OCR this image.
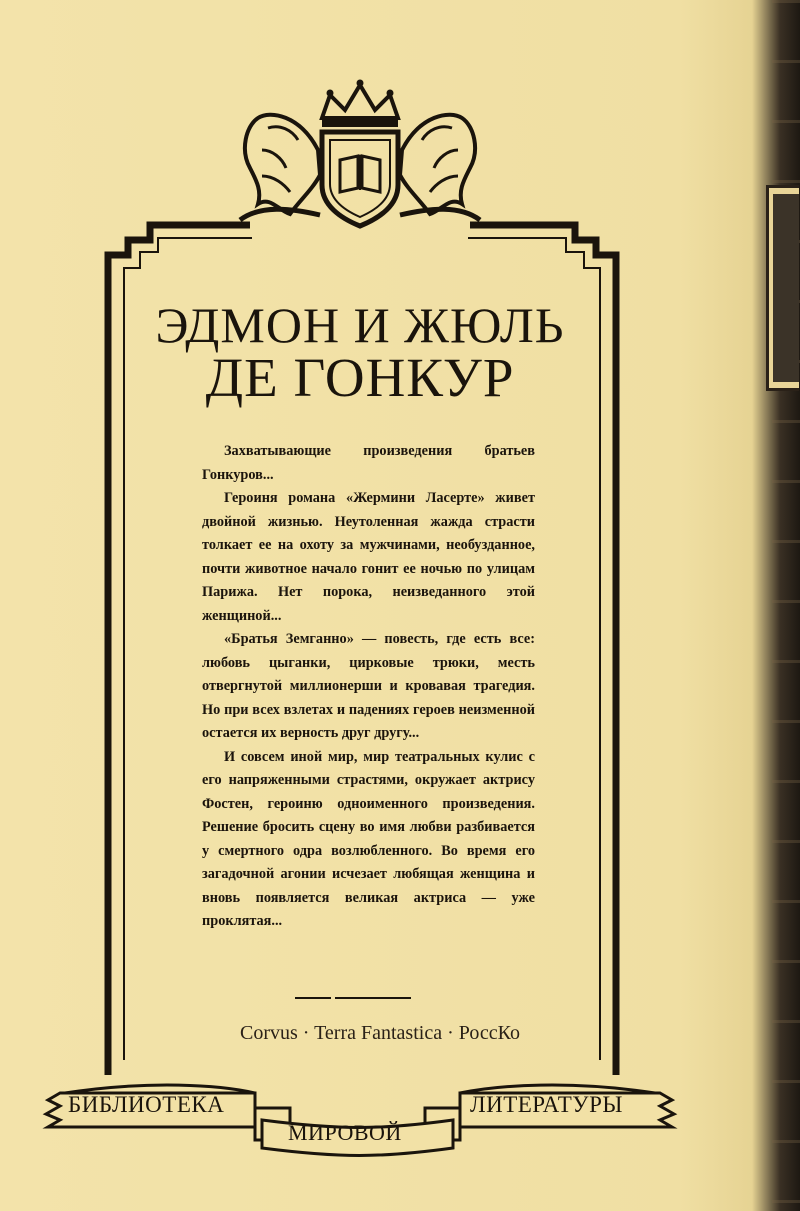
ЭДМОН И ЖЮЛЬ
ДЕ ГОНКУР

Захватывающие произведения братьев Гонкуров...

Героиня романа «Жермини Ласерте» живет двойной жизнью. Неутоленная жажда страсти толкает ее на охоту за мужчинами, необузданное, почти животное начало гонит ее ночью по улицам Парижа. Нет порока, неизведанного этой женщиной...

«Братья Земганно» — повесть, где есть все: любовь цыганки, цирковые трюки, месть отвергнутой миллионерши и кровавая трагедия. Но при всех взлетах и падениях героев неизменной остается их верность друг другу...

И совсем иной мир, мир театральных кулис с его напряженными страстями, окружает актрису Фостен, героиню одноименного произведения. Решение бросить сцену во имя любви разбивается у смертного одра возлюбленного. Во время его загадочной агонии исчезает любящая женщина и вновь появляется великая актриса — уже проклятая...

Corvus · Terra Fantastica · РоссКо
БИБЛИОТЕКА
МИРОВОЙ
ЛИТЕРАТУРЫ
